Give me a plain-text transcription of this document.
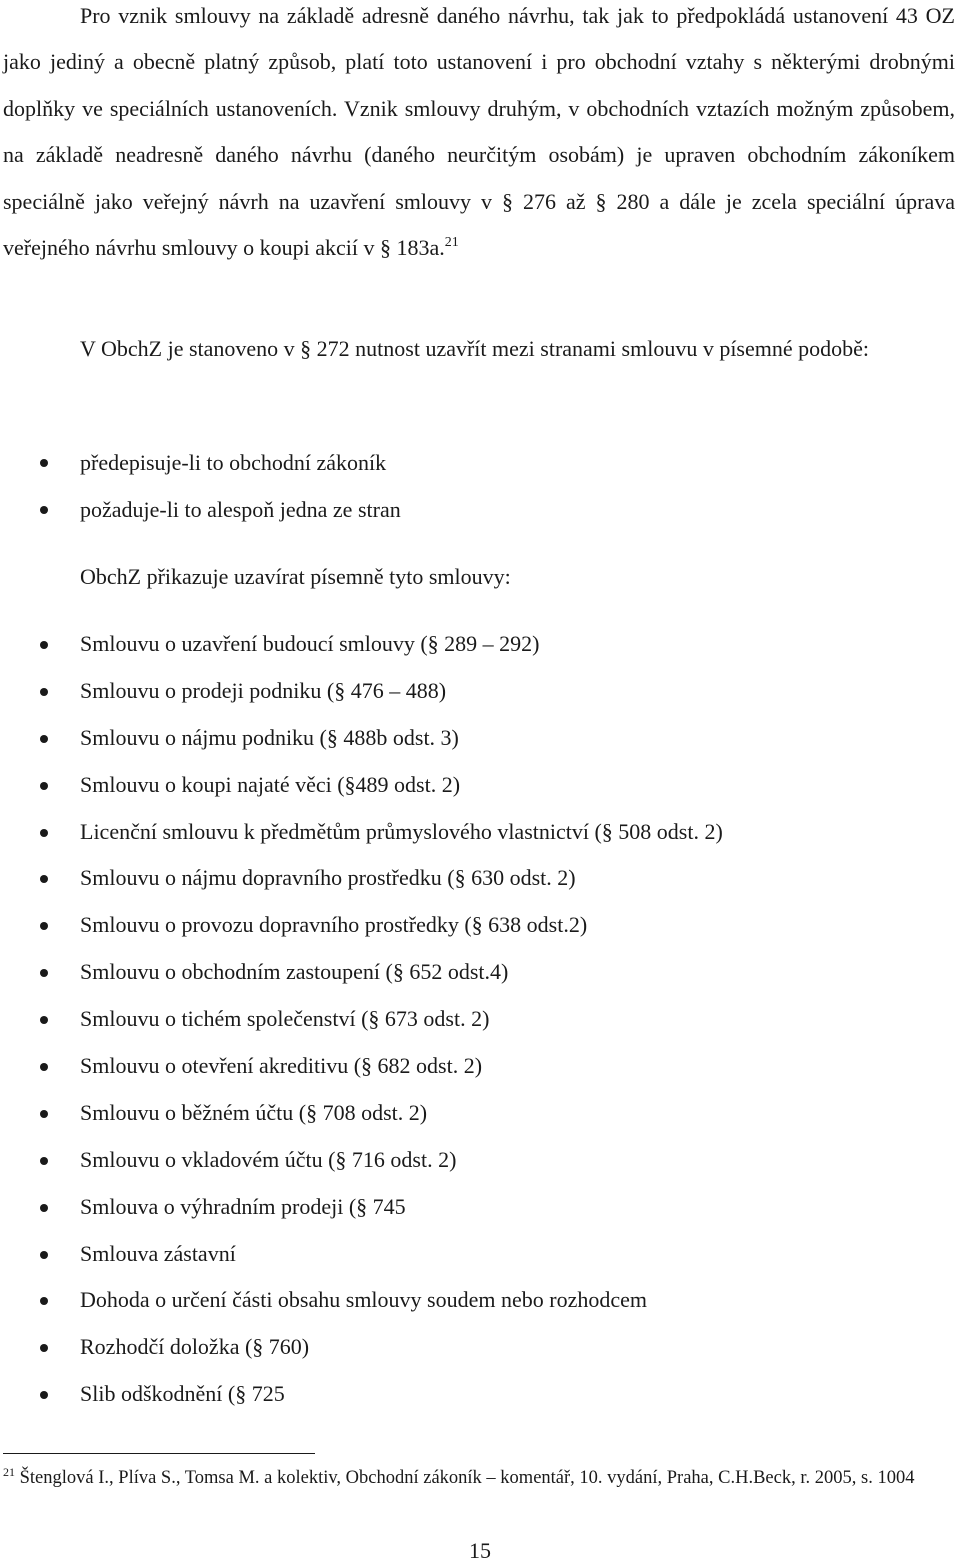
Pro vznik smlouvy na základě adresně daného návrhu, tak jak to předpokládá ustanovení 43 OZ jako jediný a obecně platný způsob, platí toto ustanovení i pro obchodní vztahy s některými drobnými doplňky ve speciálních ustanoveních. Vznik smlouvy druhým, v obchodních vztazích možným způsobem, na základě neadresně daného návrhu (daného neurčitým osobám) je upraven obchodním zákoníkem speciálně jako veřejný návrh na uzavření smlouvy v § 276 až § 280 a dále je zcela speciální úprava veřejného návrhu smlouvy o koupi akcií v § 183a.$^{21}$

V ObchZ je stanoveno v § 272 nutnost uzavřít mezi stranami smlouvu v písemné podobě:

předepisuje-li to obchodní zákoník
požaduje-li to alespoň jedna ze stran

ObchZ přikazuje uzavírat písemně tyto smlouvy:

Smlouvu o uzavření budoucí smlouvy (§ 289 – 292)
Smlouvu o prodeji podniku (§ 476 – 488)
Smlouvu o nájmu podniku (§ 488b odst. 3)
Smlouvu o koupi najaté věci (§489 odst. 2)
Licenční smlouvu k předmětům průmyslového vlastnictví (§ 508 odst. 2)
Smlouvu o nájmu dopravního prostředku (§ 630 odst. 2)
Smlouvu o provozu dopravního prostředky (§ 638 odst.2)
Smlouvu o obchodním zastoupení (§ 652 odst.4)
Smlouvu o tichém společenství (§ 673 odst. 2)
Smlouvu o otevření akreditivu (§ 682 odst. 2)
Smlouvu o běžném účtu (§ 708 odst. 2)
Smlouvu o vkladovém účtu (§ 716 odst. 2)
Smlouva o výhradním prodeji (§ 745
Smlouva zástavní
Dohoda o určení části obsahu smlouvy soudem nebo rozhodcem
Rozhodčí doložka (§ 760)
Slib odškodnění (§ 725

$^{21}$ Štenglová I., Plíva S., Tomsa M. a kolektiv, Obchodní zákoník – komentář, 10. vydání, Praha, C.H.Beck, r. 2005, s. 1004

15
